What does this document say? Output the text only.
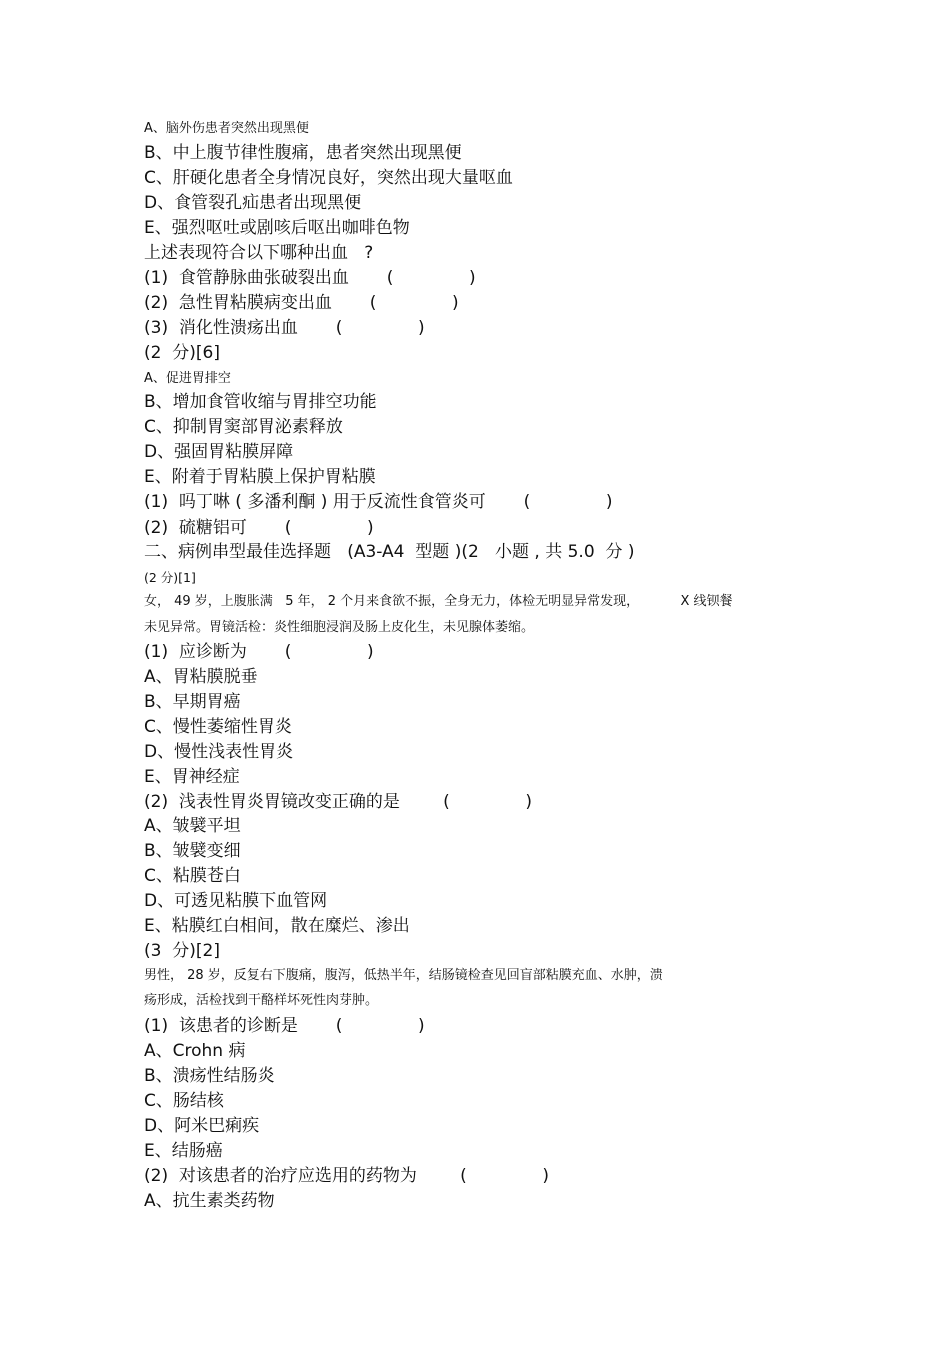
A、脑外伤患者突然出现黑便
B、中上腹节律性腹痛，患者突然出现黑便
C、肝硬化患者全身情况良好，突然出现大量呕血
D、食管裂孔疝患者出现黑便
E、强烈呕吐或剧咳后呕出咖啡色物
上述表现符合以下哪种出血   ?
(1)  食管静脉曲张破裂出血       (              )
(2)  急性胃粘膜病变出血       (              )
(3)  消化性溃疡出血       (              )
(2  分)[6]
A、促进胃排空
B、增加食管收缩与胃排空功能
C、抑制胃窦部胃泌素释放
D、强固胃粘膜屏障
E、附着于胃粘膜上保护胃粘膜
(1)  吗丁啉 ( 多潘利酮 ) 用于反流性食管炎可       (              )
(2)  硫糖铝可       (              )
二、病例串型最佳选择题   (A3-A4  型题 )(2   小题 , 共 5.0  分 )
(2 分)[1]
女， 49 岁，上腹胀满   5 年， 2 个月来食欲不振，全身无力，体检无明显异常发现，          X 线钡餐
未见异常。胃镜活检：炎性细胞浸润及肠上皮化生，未见腺体萎缩。
(1)  应诊断为       (              )
A、胃粘膜脱垂
B、早期胃癌
C、慢性萎缩性胃炎
D、慢性浅表性胃炎
E、胃神经症
(2)  浅表性胃炎胃镜改变正确的是        (              )
A、皱襞平坦
B、皱襞变细
C、粘膜苍白
D、可透见粘膜下血管网
E、粘膜红白相间，散在糜烂、渗出
(3  分)[2]
男性， 28 岁，反复右下腹痛，腹泻，低热半年，结肠镜检查见回盲部粘膜充血、水肿，溃
疡形成，活检找到干酪样坏死性肉芽肿。
(1)  该患者的诊断是       (              )
A、Crohn 病
B、溃疡性结肠炎
C、肠结核
D、阿米巴痢疾
E、结肠癌
(2)  对该患者的治疗应选用的药物为        (              )
A、抗生素类药物
